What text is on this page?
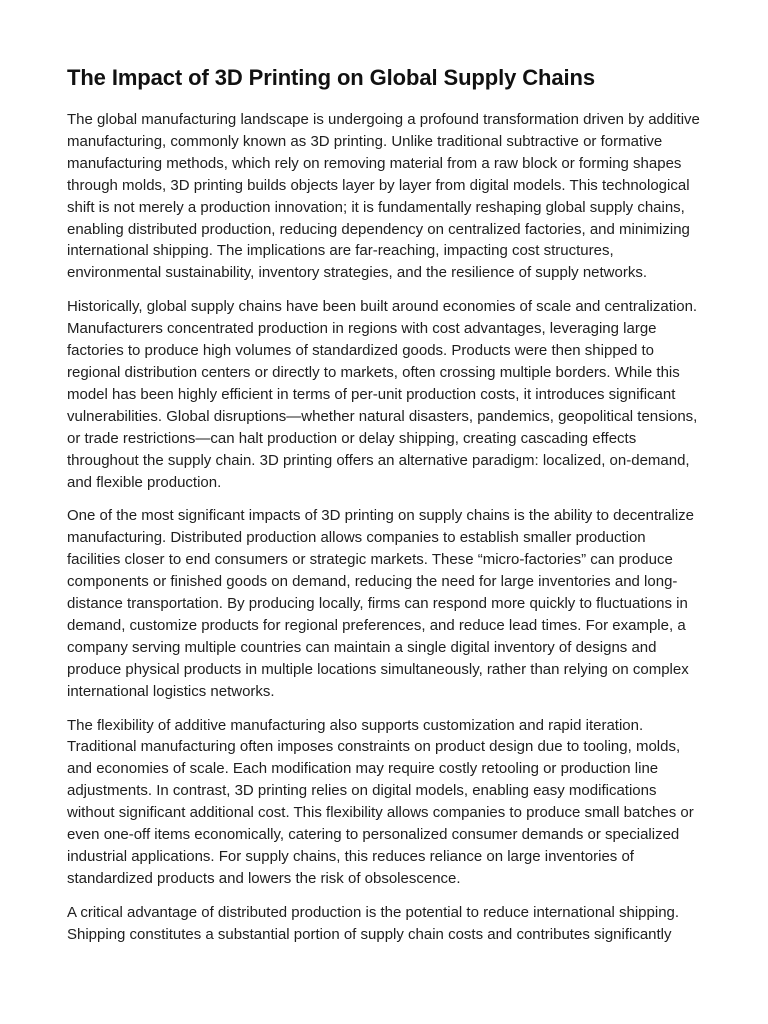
The Impact of 3D Printing on Global Supply Chains

The global manufacturing landscape is undergoing a profound transformation driven by additive manufacturing, commonly known as 3D printing. Unlike traditional subtractive or formative manufacturing methods, which rely on removing material from a raw block or forming shapes through molds, 3D printing builds objects layer by layer from digital models. This technological shift is not merely a production innovation; it is fundamentally reshaping global supply chains, enabling distributed production, reducing dependency on centralized factories, and minimizing international shipping. The implications are far-reaching, impacting cost structures, environmental sustainability, inventory strategies, and the resilience of supply networks.

Historically, global supply chains have been built around economies of scale and centralization. Manufacturers concentrated production in regions with cost advantages, leveraging large factories to produce high volumes of standardized goods. Products were then shipped to regional distribution centers or directly to markets, often crossing multiple borders. While this model has been highly efficient in terms of per-unit production costs, it introduces significant vulnerabilities. Global disruptions—whether natural disasters, pandemics, geopolitical tensions, or trade restrictions—can halt production or delay shipping, creating cascading effects throughout the supply chain. 3D printing offers an alternative paradigm: localized, on-demand, and flexible production.

One of the most significant impacts of 3D printing on supply chains is the ability to decentralize manufacturing. Distributed production allows companies to establish smaller production facilities closer to end consumers or strategic markets. These “micro-factories” can produce components or finished goods on demand, reducing the need for large inventories and long-distance transportation. By producing locally, firms can respond more quickly to fluctuations in demand, customize products for regional preferences, and reduce lead times. For example, a company serving multiple countries can maintain a single digital inventory of designs and produce physical products in multiple locations simultaneously, rather than relying on complex international logistics networks.

The flexibility of additive manufacturing also supports customization and rapid iteration. Traditional manufacturing often imposes constraints on product design due to tooling, molds, and economies of scale. Each modification may require costly retooling or production line adjustments. In contrast, 3D printing relies on digital models, enabling easy modifications without significant additional cost. This flexibility allows companies to produce small batches or even one-off items economically, catering to personalized consumer demands or specialized industrial applications. For supply chains, this reduces reliance on large inventories of standardized products and lowers the risk of obsolescence.

A critical advantage of distributed production is the potential to reduce international shipping. Shipping constitutes a substantial portion of supply chain costs and contributes significantly
